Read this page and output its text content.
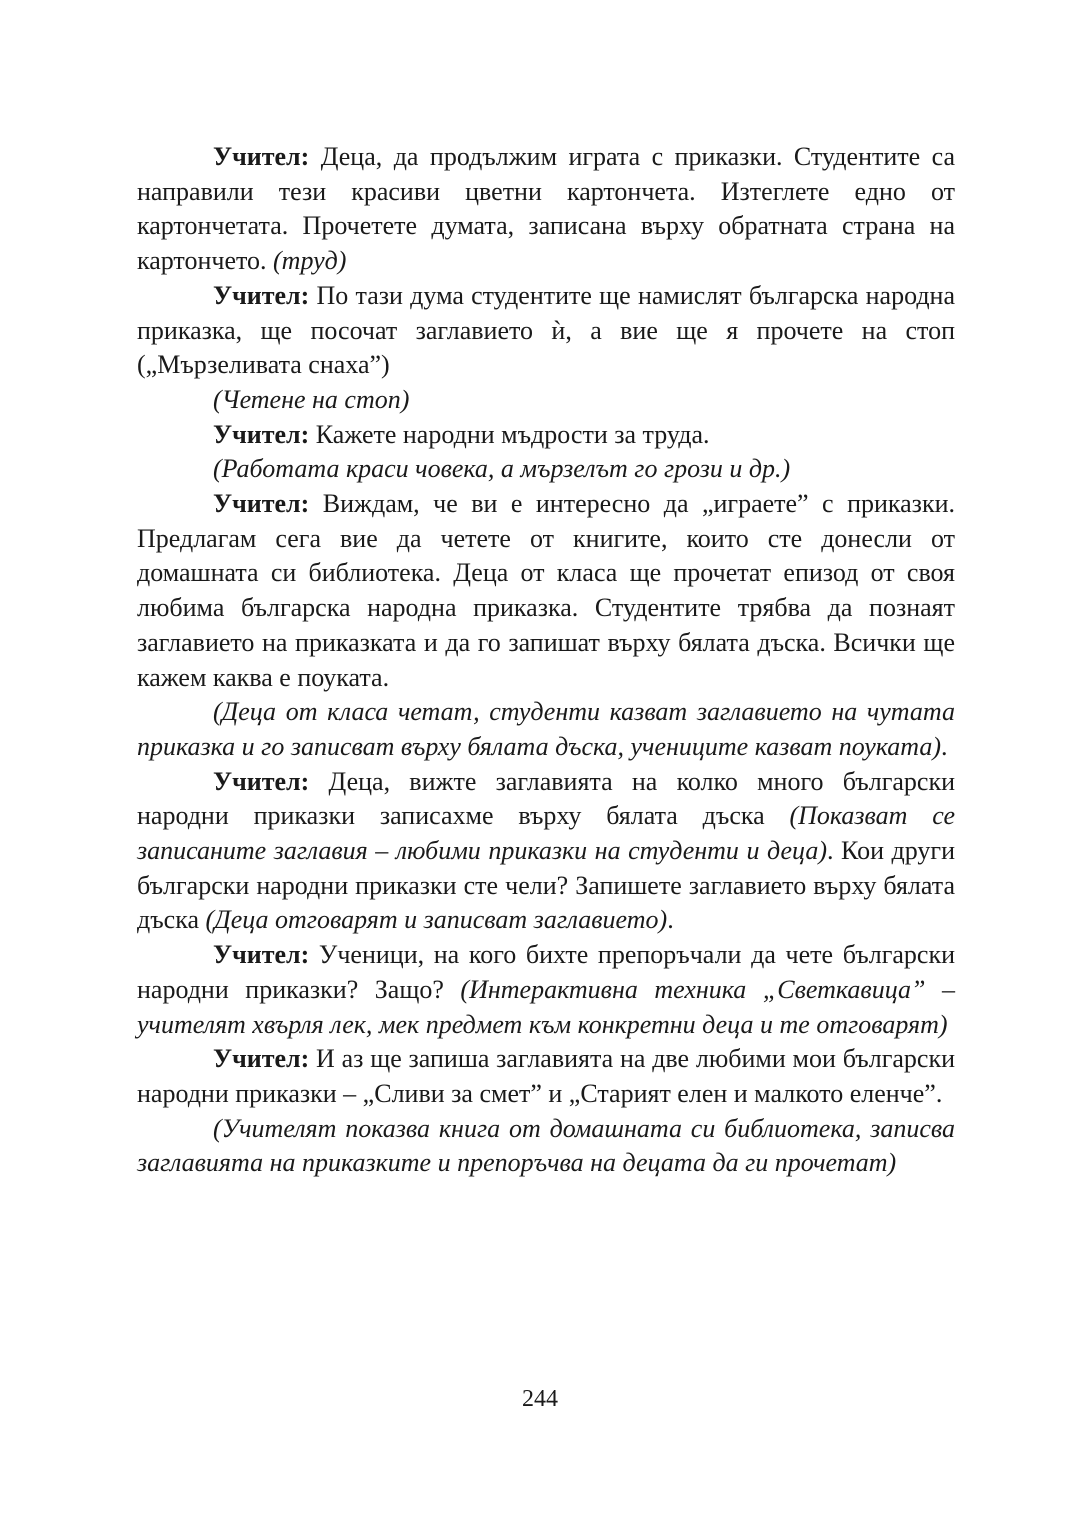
Учител: Деца, да продължим играта с приказки. Студентите са направили тези красиви цветни картончета. Изтеглете едно от картончетата. Прочетете думата, записана върху обратната страна на картончето. (труд)

Учител: По тази дума студентите ще намислят българска народна приказка, ще посочат заглавието ѝ, а вие ще я прочете на стоп („Мързеливата снаха”)

(Четене на стоп)

Учител: Кажете народни мъдрости за труда.

(Работата краси човека, а мързелът го грози и др.)

Учител: Виждам, че ви е интересно да „играете” с приказки. Предлагам сега вие да четете от книгите, които сте донесли от домашната си библиотека. Деца от класа ще прочетат епизод от своя любима българска народна приказка. Студентите трябва да познаят заглавието на приказката и да го запишат върху бялата дъска. Всички ще кажем каква е поуката.

(Деца от класа четат, студенти казват заглавието на чутата приказка и го записват върху бялата дъска, учениците казват поуката).

Учител: Деца, вижте заглавията на колко много български народни приказки записахме върху бялата дъска (Показват се записаните заглавия – любими приказки на студенти и деца). Кои други български народни приказки сте чели? Запишете заглавието върху бялата дъска (Деца отговарят и записват заглавието).

Учител: Ученици, на кого бихте препоръчали да чете български народни приказки? Защо? (Интерактивна техника „Светкавица” – учителят хвърля лек, мек предмет към конкретни деца и те отговарят)

Учител: И аз ще запиша заглавията на две любими мои български народни приказки – „Сливи за смет” и „Старият елен и малкото еленче”.

(Учителят показва книга от домашната си библиотека, записва заглавията на приказките и препоръчва на децата да ги прочетат)

244
